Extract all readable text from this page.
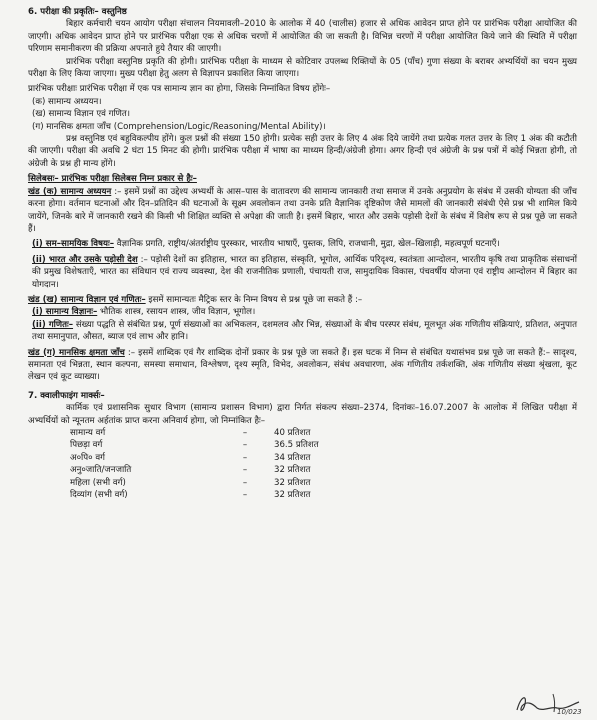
6. परीक्षा की प्रकृतिः– वस्तुनिष्ठ

बिहार कर्मचारी चयन आयोग परीक्षा संचालन नियमावली–2010 के आलोक में 40 (चालीस) हजार से अधिक आवेदन प्राप्त होने पर प्रारंभिक परीक्षा आयोजित की जाएगी। अधिक आवेदन प्राप्त होने पर प्रारंभिक परीक्षा एक से अधिक चरणों में आयोजित की जा सकती है। विभिन्न चरणों में परीक्षा आयोजित किये जाने की स्थिति में परीक्षा परिणाम समानीकरण की प्रक्रिया अपनाते हुये तैयार की जाएगी।

प्रारंभिक परीक्षा वस्तुनिष्ठ प्रकृति की होगी। प्रारंभिक परीक्षा के माध्यम से कोटिवार उपलब्ध रिक्तियों के 05 (पाँच) गुणा संख्या के बराबर अभ्यर्थियों का चयन मुख्य परीक्षा के लिए किया जाएगा। मुख्य परीक्षा हेतु अलग से विज्ञापन प्रकाशित किया जाएगा।

प्रारंभिक परीक्षाः प्रारंभिक परीक्षा में एक पत्र सामान्य ज्ञान का होगा, जिसके निम्नांकित विषय होंगेः–

(क) सामान्य अध्ययन।

(ख) सामान्य विज्ञान एवं गणित।

(ग) मानसिक क्षमता जाँच (Comprehension/Logic/Reasoning/Mental Ability)।

प्रश्न वस्तुनिष्ठ एवं बहुविकल्पीय होंगे। कुल प्रश्नों की संख्या 150 होगी। प्रत्येक सही उत्तर के लिए 4 अंक दिये जायेंगे तथा प्रत्येक गलत उत्तर के लिए 1 अंक की कटौती की जाएगी। परीक्षा की अवधि 2 घंटा 15 मिनट की होगी। प्रारंभिक परीक्षा में भाषा का माध्यम हिन्दी/अंग्रेजी होगा। अगर हिन्दी एवं अंग्रेजी के प्रश्न पत्रों में कोई भिन्नता होगी, तो अंग्रेजी के प्रश्न ही मान्य होंगे।

सिलेबसः– प्रारंभिक परीक्षा सिलेबस निम्न प्रकार से हैः–

खंड (क) सामान्य अध्ययन :– इसमें प्रश्नों का उद्देश्य अभ्यर्थी के आस–पास के वातावरण की सामान्य जानकारी तथा समाज में उनके अनुप्रयोग के संबंध में उसकी योग्यता की जाँच करना होगा। वर्तमान घटनाओं और दिन–प्रतिदिन की घटनाओं के सूक्ष्म अवलोकन तथा उनके प्रति वैज्ञानिक दृष्टिकोण जैसे मामलों की जानकारी संबंधी ऐसे प्रश्न भी शामिल किये जायेंगे, जिनके बारे में जानकारी रखने की किसी भी शिक्षित व्यक्ति से अपेक्षा की जाती है। इसमें बिहार, भारत और उसके पड़ोसी देशों के संबंध में विशेष रूप से प्रश्न पूछे जा सकते हैं।

(i) सम–सामयिक विषयः– वैज्ञानिक प्रगति, राष्ट्रीय/अंतर्राष्ट्रीय पुरस्कार, भारतीय भाषाएँ, पुस्तक, लिपि, राजधानी, मुद्रा, खेल–खिलाड़ी, महत्वपूर्ण घटनाएँ।

(ii) भारत और उसके पड़ोसी देश :– पड़ोसी देशों का इतिहास, भारत का इतिहास, संस्कृति, भूगोल, आर्थिक परिदृश्य, स्वतंत्रता आन्दोलन, भारतीय कृषि तथा प्राकृतिक संसाधनों की प्रमुख विशेषताएँ, भारत का संविधान एवं राज्य व्यवस्था, देश की राजनीतिक प्रणाली, पंचायती राज, सामुदायिक विकास, पंचवर्षीय योजना एवं राष्ट्रीय आन्दोलन में बिहार का योगदान।

खंड (ख) सामान्य विज्ञान एवं गणितः– इसमें सामान्यतः मैट्रिक स्तर के निम्न विषय से प्रश्न पूछे जा सकते हैं :–

(i) सामान्य विज्ञानः– भौतिक शास्त्र, रसायन शास्त्र, जीव विज्ञान, भूगोल।

(ii) गणितः– संख्या पद्धति से संबंधित प्रश्न, पूर्ण संख्याओं का अभिकलन, दशमलव और भिन्न, संख्याओं के बीच परस्पर संबंध, मूलभूत अंक गणितीय संक्रियाएं, प्रतिशत, अनुपात तथा समानुपात, औसत, ब्याज एवं लाभ और हानि।

खंड (ग) मानसिक क्षमता जाँच :– इसमें शाब्दिक एवं गैर शाब्दिक दोनों प्रकार के प्रश्न पूछे जा सकते हैं। इस घटक में निम्न से संबंधित यथासंभव प्रश्न पूछे जा सकते हैं:– सादृश्य, समानता एवं भिन्नता, स्थान कल्पना, समस्या समाधान, विश्लेषण, दृश्य स्मृति, विभेद, अवलोकन, संबंध अवधारणा, अंक गणितीय तर्कशक्ति, अंक गणितीय संख्या श्रृंखला, कूट लेखन एवं कूट व्याख्या।

7. क्वालीफाइंग मार्क्सः–

कार्मिक एवं प्रशासनिक सुधार विभाग (सामान्य प्रशासन विभाग) द्वारा निर्गत संकल्प संख्या–2374, दिनांकः–16.07.2007 के आलोक में लिखित परीक्षा में अभ्यर्थियों को न्यूनतम अर्हतांक प्राप्त करना अनिवार्य होगा, जो निम्नांकित हैः–

सामान्य वर्ग	–	40 प्रतिशत
पिछड़ा वर्ग	–	36.5 प्रतिशत
अ०पि० वर्ग	–	34 प्रतिशत
अनु०जाति/जनजाति	–	32 प्रतिशत
महिला (सभी वर्ग)	–	32 प्रतिशत
दिव्यांग (सभी वर्ग)	–	32 प्रतिशत
10/023
